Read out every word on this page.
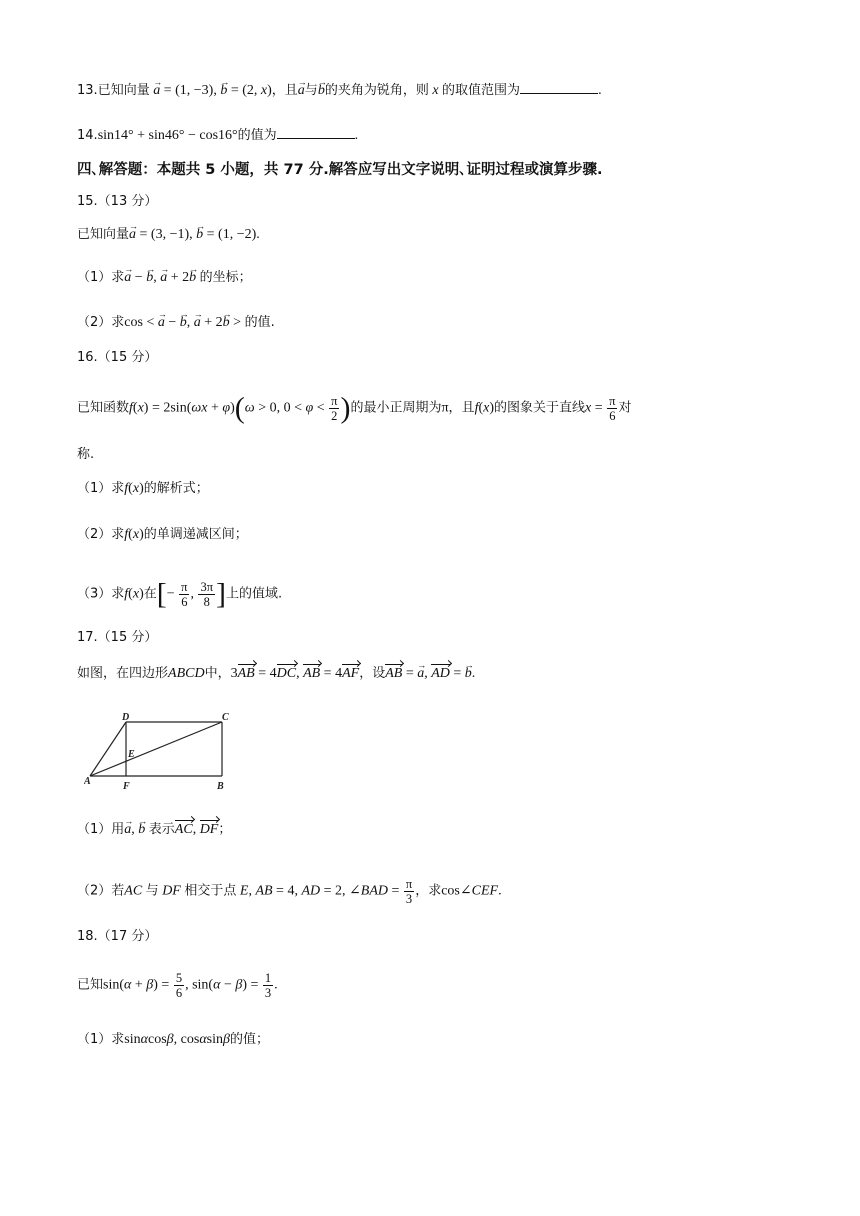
13.已知向量 → a = (1, −3), → b = (2, x)，且→ a与→ b的夹角为锐角，则 x 的取值范围为	.
14.sin14° + sin46° − cos16°的值为	.
四､解答题：本题共 5 小题，共 77 分.解答应写出文字说明､证明过程或演算步骤.
15.（13 分）
已知向量→ a = (3, −1), → b = (1, −2).
（1）求→ a − → b, → a + 2→ b 的坐标；
（2）求cos < → a − → b, → a + 2→ b > 的值.
16.（15 分）
已知函数f(x) = 2sin(ωx + φ)(ω > 0, $0 < \varphi < \frac{\pi}{2}$ )的最小正周期为π，且f(x)的图象关于直线$x = \frac{\pi}{6}$ 对
称.
（1）求f(x)的解析式；
（2）求f(x)的单调递减区间；
（3）求f(x)在[− $\frac{\pi}{6}$ , $\frac{3\pi}{8}$ ]上的值域.
17.（15 分）
如图，在四边形ABCD中，3AB = 4DC, AB = 4AF，设AB = → a, AD = → b.
D	C
E
A	F	B
（1）用→ a, → b 表示AC, DF；
（2）若AC 与 DF 相交于点 E, AB = 4, AD = 2, ∠BAD = $\frac{\pi}{3}$ ，求cos∠CEF.
18.（17 分）
已知$\sin(\alpha + \beta) = \frac{5}{6}$ , $\sin(\alpha - \beta) = \frac{1}{3}$ .
（1）求sinαcosβ, cosαsinβ的值；
